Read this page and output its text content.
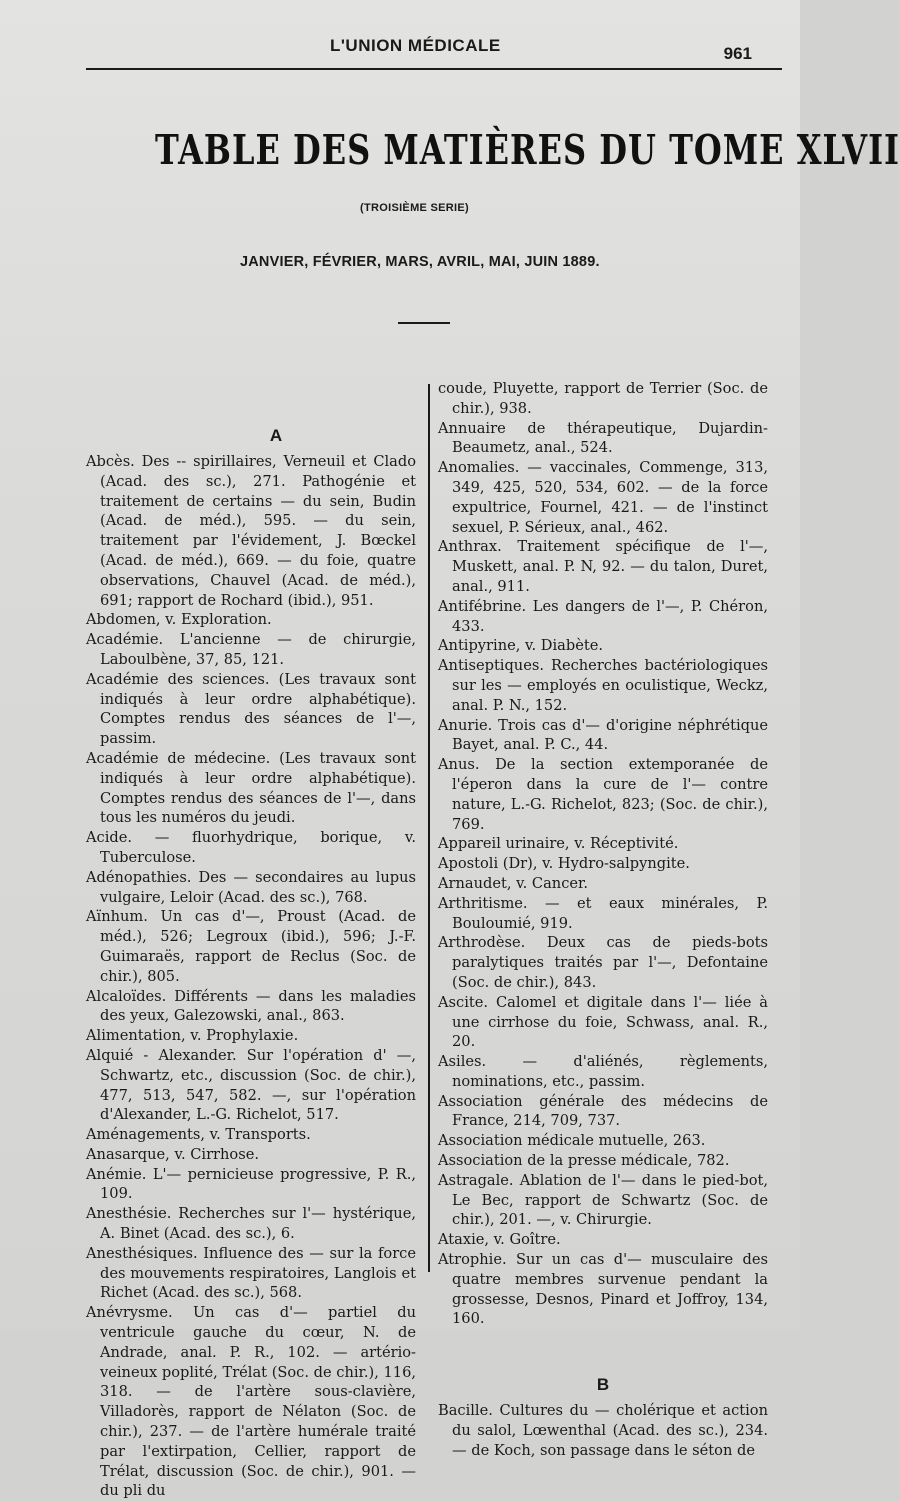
L'UNION MÉDICALE	961
TABLE DES MATIÈRES DU TOME XLVII
(TROISIÈME SERIE)
JANVIER, FÉVRIER, MARS, AVRIL, MAI, JUIN 1889.
A

Abcès. Des -- spirillaires, Verneuil et Clado (Acad. des sc.), 271. Pathogénie et traitement de certains — du sein, Budin (Acad. de méd.), 595. — du sein, traitement par l'évidement, J. Bœckel (Acad. de méd.), 669. — du foie, quatre observations, Chauvel (Acad. de méd.), 691; rapport de Rochard (ibid.), 951.

Abdomen, v. Exploration.

Académie. L'ancienne — de chirurgie, Laboulbène, 37, 85, 121.

Académie des sciences. (Les travaux sont indiqués à leur ordre alphabétique). Comptes rendus des séances de l'—, passim.

Académie de médecine. (Les travaux sont indiqués à leur ordre alphabétique). Comptes rendus des séances de l'—, dans tous les numéros du jeudi.

Acide. — fluorhydrique, borique, v. Tuberculose.

Adénopathies. Des — secondaires au lupus vulgaire, Leloir (Acad. des sc.), 768.

Aïnhum. Un cas d'—, Proust (Acad. de méd.), 526; Legroux (ibid.), 596; J.-F. Guimaraës, rapport de Reclus (Soc. de chir.), 805.

Alcaloïdes. Différents — dans les maladies des yeux, Galezowski, anal., 863.

Alimentation, v. Prophylaxie.

Alquié - Alexander. Sur l'opération d' —, Schwartz, etc., discussion (Soc. de chir.), 477, 513, 547, 582. —, sur l'opération d'Alexander, L.-G. Richelot, 517.

Aménagements, v. Transports.

Anasarque, v. Cirrhose.

Anémie. L'— pernicieuse progressive, P. R., 109.

Anesthésie. Recherches sur l'— hystérique, A. Binet (Acad. des sc.), 6.

Anesthésiques. Influence des — sur la force des mouvements respiratoires, Langlois et Richet (Acad. des sc.), 568.

Anévrysme. Un cas d'— partiel du ventricule gauche du cœur, N. de Andrade, anal. P. R., 102. — artério-veineux poplité, Trélat (Soc. de chir.), 116, 318. — de l'artère sous-clavière, Villadorès, rapport de Nélaton (Soc. de chir.), 237. — de l'artère humérale traité par l'extirpation, Cellier, rapport de Trélat, discussion (Soc. de chir.), 901. — du pli du

coude, Pluyette, rapport de Terrier (Soc. de chir.), 938.

Annuaire de thérapeutique, Dujardin-Beaumetz, anal., 524.

Anomalies. — vaccinales, Commenge, 313, 349, 425, 520, 534, 602. — de la force expultrice, Fournel, 421. — de l'instinct sexuel, P. Sérieux, anal., 462.

Anthrax. Traitement spécifique de l'—, Muskett, anal. P. N, 92. — du talon, Duret, anal., 911.

Antifébrine. Les dangers de l'—, P. Chéron, 433.

Antipyrine, v. Diabète.

Antiseptiques. Recherches bactériologiques sur les — employés en oculistique, Weckz, anal. P. N., 152.

Anurie. Trois cas d'— d'origine néphrétique Bayet, anal. P. C., 44.

Anus. De la section extemporanée de l'éperon dans la cure de l'— contre nature, L.-G. Richelot, 823; (Soc. de chir.), 769.

Appareil urinaire, v. Réceptivité.

Apostoli (Dr), v. Hydro-salpyngite.

Arnaudet, v. Cancer.

Arthritisme. — et eaux minérales, P. Bouloumié, 919.

Arthrodèse. Deux cas de pieds-bots paralytiques traités par l'—, Defontaine (Soc. de chir.), 843.

Ascite. Calomel et digitale dans l'— liée à une cirrhose du foie, Schwass, anal. R., 20.

Asiles. — d'aliénés, règlements, nominations, etc., passim.

Association générale des médecins de France, 214, 709, 737.

Association médicale mutuelle, 263.

Association de la presse médicale, 782.

Astragale. Ablation de l'— dans le pied-bot, Le Bec, rapport de Schwartz (Soc. de chir.), 201. —, v. Chirurgie.

Ataxie, v. Goître.

Atrophie. Sur un cas d'— musculaire des quatre membres survenue pendant la grossesse, Desnos, Pinard et Joffroy, 134, 160.

B

Bacille. Cultures du — cholérique et action du salol, Lœwenthal (Acad. des sc.), 234. — de Koch, son passage dans le séton de
